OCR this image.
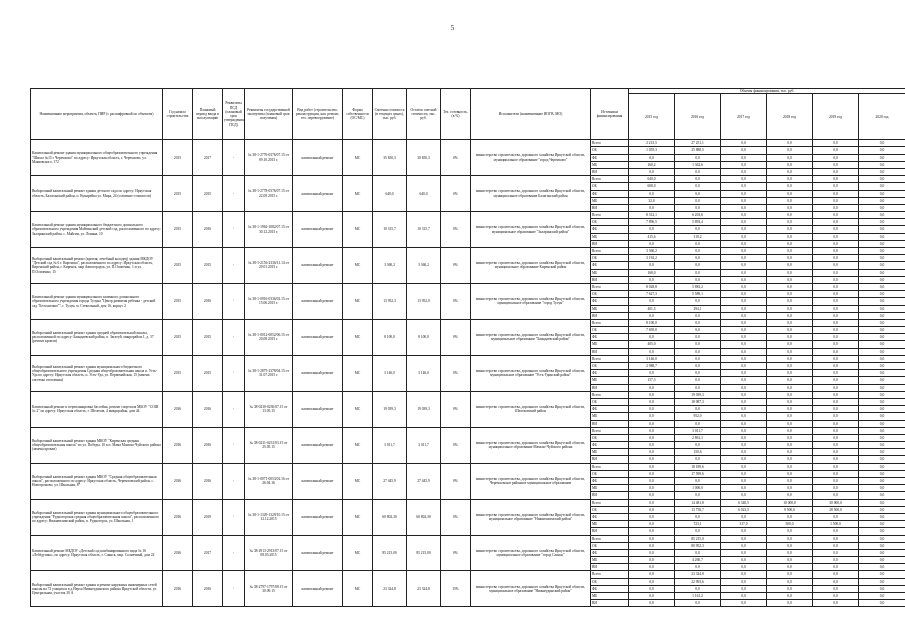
5
Наименование мероприятия, объекта, ПИР (с расшифровкой по объектам)	Год начала строительства	Плановый период ввода в эксплуатацию	Реквизиты ПСД (плановый срок утверждения ПСД)	Реквизиты государственной экспертизы (плановый срок получения)	Вид работ (строительство, реконструкция, кап. ремонт, тех. перевооружение)	Форма собственности (ОС/МС)	Сметная стоимость (в текущих ценах), тыс. руб.	Остаток сметной стоимости, тыс. руб.	Тех. готовность, (в %)	Исполнители (наименование ИОГВ, МО)	Источники финансирования	Объемы финансирования, тыс. руб.					
												2015 год	2016 год	2017 год	2018 год	2019 год	2020 год
Капитальный ремонт здания муниципального общеобразовательного учреждения "Школа №15 г Черемхово" по адресу: Иркутская область, г. Черемхово, ул. Маяковского, 172	2015	2017	-	№ 38-1-2776-0376/07.15 от 09.10.2015 г.	капитальный ремонт	МС	35 650,3	30 650,3	0%	министерство строительства, дорожного хозяйства Иркутской области, муниципальное образование "город Черемхово"	Всего	2 215,5	27 251,1	0,0	0,0	0,0	0,0
											ОБ	1 055,3	25 888,5	0,0	0,0	0,0	0,0
											ФБ	0,0	0,0	0,0	0,0	0,0	0,0
											МБ	160,2	1 362,6	0,0	0,0	0,0	0,0
											ВИ	0,0	0,0	0,0	0,0	0,0	0,0
Выборочный капитальный ремонт здания детского сада по адресу: Иркутская область, Балаганский район, п. Кумарейка ул. Мира, 24 (освоение стоимости)	2015	2015	-	№ 38-1-2778-0376/07.15 от 22.09.2015 г.	капитальный ремонт	МС	640,0	640,0	0%	министерство строительства, дорожного хозяйства Иркутской области, муниципальное образование Балаганский район	Всего	640,0	0,0	0,0	0,0	0,0	0,0
											ОБ	608,0	0,0	0,0	0,0	0,0	0,0
											ФБ	0,0	0,0	0,0	0,0	0,0	0,0
											МБ	32,0	0,0	0,0	0,0	0,0	0,0
											ВИ	0,0	0,0	0,0	0,0	0,0	0,0
Капитальный ремонт здания муниципального бюджетного дошкольного образовательного учреждения Майгинский детский сад, расположенного по адресу: Заларинский район, с. Майгин, ул. Ленина, 10	2015	2016	-	№ 38-1-1962-1082/07.15 от 30.12.2015 г.	капитальный ремонт	МС	10 315,7	10 315,7	0%	министерство строительства, дорожного хозяйства Иркутской области, муниципальное образование "Заларинский район"	Всего	8 312,1	6 203,6	0,0	0,0	0,0	0,0
											ОБ	7 896,5	5 893,4	0,0	0,0	0,0	0,0
											ФБ	0,0	0,0	0,0	0,0	0,0	0,0
											МБ	415,6	310,2	0,0	0,0	0,0	0,0
											ВИ	0,0	0,0	0,0	0,0	0,0	0,0
Выборочный капитальный ремонт (кровля; лечебный колодец) здания МКДОУ "Детский сад № 6 г. Киренска", расположенного по адресу: Иркутская область, Киренский район, г. Киренск, мкр Авиагородок, ул. П.Осипенко, 1 и ул. П.Осипенко, 15	2015	2015	-	№ 38-1-2156-2336/11.14 от 29.01.2015 г.	капитальный ремонт	МС	3 360,2	3 360,2	0%	министерство строительства, дорожного хозяйства Иркутской области, муниципальное образование Киренский район	Всего	3 360,2	0,0	0,0	0,0	0,0	0,0
											ОБ	3 192,2	0,0	0,0	0,0	0,0	0,0
											ФБ	0,0	0,0	0,0	0,0	0,0	0,0
											МБ	168,0	0,0	0,0	0,0	0,0	0,0
											ВИ	0,0	0,0	0,0	0,0	0,0	0,0
Капитальный ремонт здания муниципального казенного дошкольного образовательного учреждения города Тулуна "Центр развития ребенка - детский сад "Белоснежка"", г. Тулун, м. Стекольный, дом 16, корпус 2	2015	2016	-	№ 38-1-0916-0336/02.15 от 15.06.2015 г.	капитальный ремонт	МС	13 952,3	13 952,0	0%	министерство строительства, дорожного хозяйства Иркутской области, муниципальное образование "город Тулун"	Всего	8 028,8	5 883,2	0,0	0,0	0,0	0,0
											ОБ	7 627,3	5 589,1	0,0	0,0	0,0	0,0
											ФБ	0,0	0,0	0,0	0,0	0,0	0,0
											МБ	401,5	294,1	0,0	0,0	0,0	0,0
											ВИ	0,0	0,0	0,0	0,0	0,0	0,0
Выборочный капитальный ремонт здания средней образовательной школы, расположенной по адресу: Баяндаевский район, п. Загатуй, микрорайон 1, д. 37 (ремонт кровли)	2015	2015	-	№ 38-1-0012-0052/06.15 от 20.08.2015 г.	капитальный ремонт	МС	8 100,0	8 100,0	0%	министерство строительства, дорожного хозяйства Иркутской области, муниципальное образование "Баяндаевский район"	Всего	8 100,0	0,0	0,0	0,0	0,0	0,0
											ОБ	7 695,0	0,0	0,0	0,0	0,0	0,0
											ФБ	0,0	0,0	0,0	0,0	0,0	0,0
											МБ	405,0	0,0	0,0	0,0	0,0	0,0
											ВИ	0,0	0,0	0,0	0,0	0,0	0,0
Выборочный капитальный ремонт здания муниципального бюджетного общеобразовательного учреждения Средняя общеобразовательная школа п. Усть-Уда по адресу: Иркутская область, п. Усть-Уда, ул. Первомайская, 15 (замена системы отопления)	2015	2015	-	№ 38-1-2875-2378/04.15 от 31.07.2015 г.	капитальный ремонт	МС	3 146,0	3 146,0	0%	министерство строительства, дорожного хозяйства Иркутской области, муниципальное образование "Усть-Удинский район"	Всего	3 146,0	0,0	0,0	0,0	0,0	0,0
											ОБ	2 988,7	0,0	0,0	0,0	0,0	0,0
											ФБ	0,0	0,0	0,0	0,0	0,0	0,0
											МБ	157,3	0,0	0,0	0,0	0,0	0,0
											ВИ	0,0	0,0	0,0	0,0	0,0	0,0
Капитальный ремонт и перепланировка бассейна, ремонт спортзала МБОУ "СОШ № 2" по адресу: Иркутская область, г. Шелехов, 4 микрорайон, дом 44	2016	2016	-	№ 38-0230-0230/07.15 от 13.05.15	капитальный ремонт	МС	19 039,3	19 039,3	0%	министерство строительства, дорожного хозяйства Иркутской области, Шелеховский район	Всего	0,0	19 039,3	0,0	0,0	0,0	0,0
											ОБ	0,0	18 087,3	0,0	0,0	0,0	0,0
											ФБ	0,0	0,0	0,0	0,0	0,0	0,0
											МБ	0,0	952,0	0,0	0,0	0,0	0,0
											ВИ	0,0	0,0	0,0	0,0	0,0	0,0
Выборочный капитальный ремонт здания МКОУ "Киренская средняя общеобразовательная школа" по ул. Победы, 10 в п. Мама Мамско-Чуйского района (замена кровли)	2016	2016	-	№ 38-0231-0231/03.15 от 25.05.15	капитальный ремонт	МС	3 011,7	3 011,7	0%	министерство строительства, дорожного хозяйства Иркутской области, муниципальное образование Мамско-Чуйского района	Всего	0,0	3 011,7	0,0	0,0	0,0	0,0
											ОБ	0,0	2 861,1	0,0	0,0	0,0	0,0
											ФБ	0,0	0,0	0,0	0,0	0,0	0,0
											МБ	0,0	150,6	0,0	0,0	0,0	0,0
											ВИ	0,0	0,0	0,0	0,0	0,0	0,0
Выборочный капитальный ремонт здания МКОУ "Средняя общеобразовательная школа", расположенного по адресу: Иркутская область, Черемховский район, с. Новогромово, ул. Школьная, 8*	2016	2016	-	№ 38-1-0071-0053/02.16 от 26.04.16	капитальный ремонт	МС	27 445,9	27 445,9	0%	министерство строительства, дорожного хозяйства Иркутской области, Черемховское районное муниципальное образование	Всего	0,0	18 189,6	0,0	0,0	0,0	0,0
											ОБ	0,0	17 599,6	0,0	0,0	0,0	0,0
											ФБ	0,0	0,0	0,0	0,0	0,0	0,0
											МБ	0,0	1 000,0	0,0	0,0	0,0	0,0
											ВИ	0,0	0,0	0,0	0,0	0,0	0,0
Выборочный капитальный ремонт здания муниципального общеобразовательного учреждения "Рудногорская средняя общеобразовательная школа", расположенного по адресу: Нижнеилимский район, п. Рудногорск, ул. Школьная, 1	2016	2019	-	№ 38-1-1329-1329/10.15 от 12.12.2015	капитальный ремонт	МС	60 802,30	60 802,30	0%	министерство строительства, дорожного хозяйства Иркутской области, муниципальное образование "Нижнеилимский район"	Всего	0,0	14 481,8	6 340,5	10 000,0	30 000,0	0,0
											ОБ	0,0	13 758,7	6 023,5	9 500,0	28 500,0	0,0
											ФБ	0,0	0,0	0,0	0,0	0,0	0,0
											МБ	0,0	723,1	317,0	500,0	1 500,0	0,0
											ВИ	0,0	0,0	0,0	0,0	0,0	0,0
Капитальный ремонт МБДОУ «Детский сад комбинированного вида № 16 «Лебёдушка», по адресу: Иркутская область, г. Саянск, мкр. Солнечный, дом 22	2016	2017	-	№ 38-2913-2913/07.15 от 08.05.2015	капитальный ремонт	МС	85 215,00	85 215,00	0%	министерство строительства, дорожного хозяйства Иркутской области, муниципальное образование "город Саянск"	Всего	0,0	85 215,0	0,0	0,0	0,0	0,0
											ОБ	0,0	80 952,3	0,0	0,0	0,0	0,0
											ФБ	0,0	0,0	0,0	0,0	0,0	0,0
											МБ	0,0	4 260,7	0,0	0,0	0,0	0,0
											ВИ	0,0	0,0	0,0	0,0	0,0	0,0
Выборочный капитальный ремонт здания и ремонт наружных инженерных сетей школы на 72 учащихся в д.Нерха Нижнеудинского района Иркутской области, ул. Центральная, участок 30 А	2016	2016	-	№ 38-2797-1797/08.15 от 30.09.15	капитальный ремонт	МС	23 324,8	23 324,8	15%	министерство строительства, дорожного хозяйства Иркутской области, муниципальное образование "Нижнеудинский район"	Всего	0,0	23 324,8	0,0	0,0	0,0	0,0
											ОБ	0,0	22 093,6	0,0	0,0	0,0	0,0
											ФБ	0,0	0,0	0,0	0,0	0,0	0,0
											МБ	0,0	1 161,2	0,0	0,0	0,0	0,0
											ВИ	0,0	0,0	0,0	0,0	0,0	0,0
